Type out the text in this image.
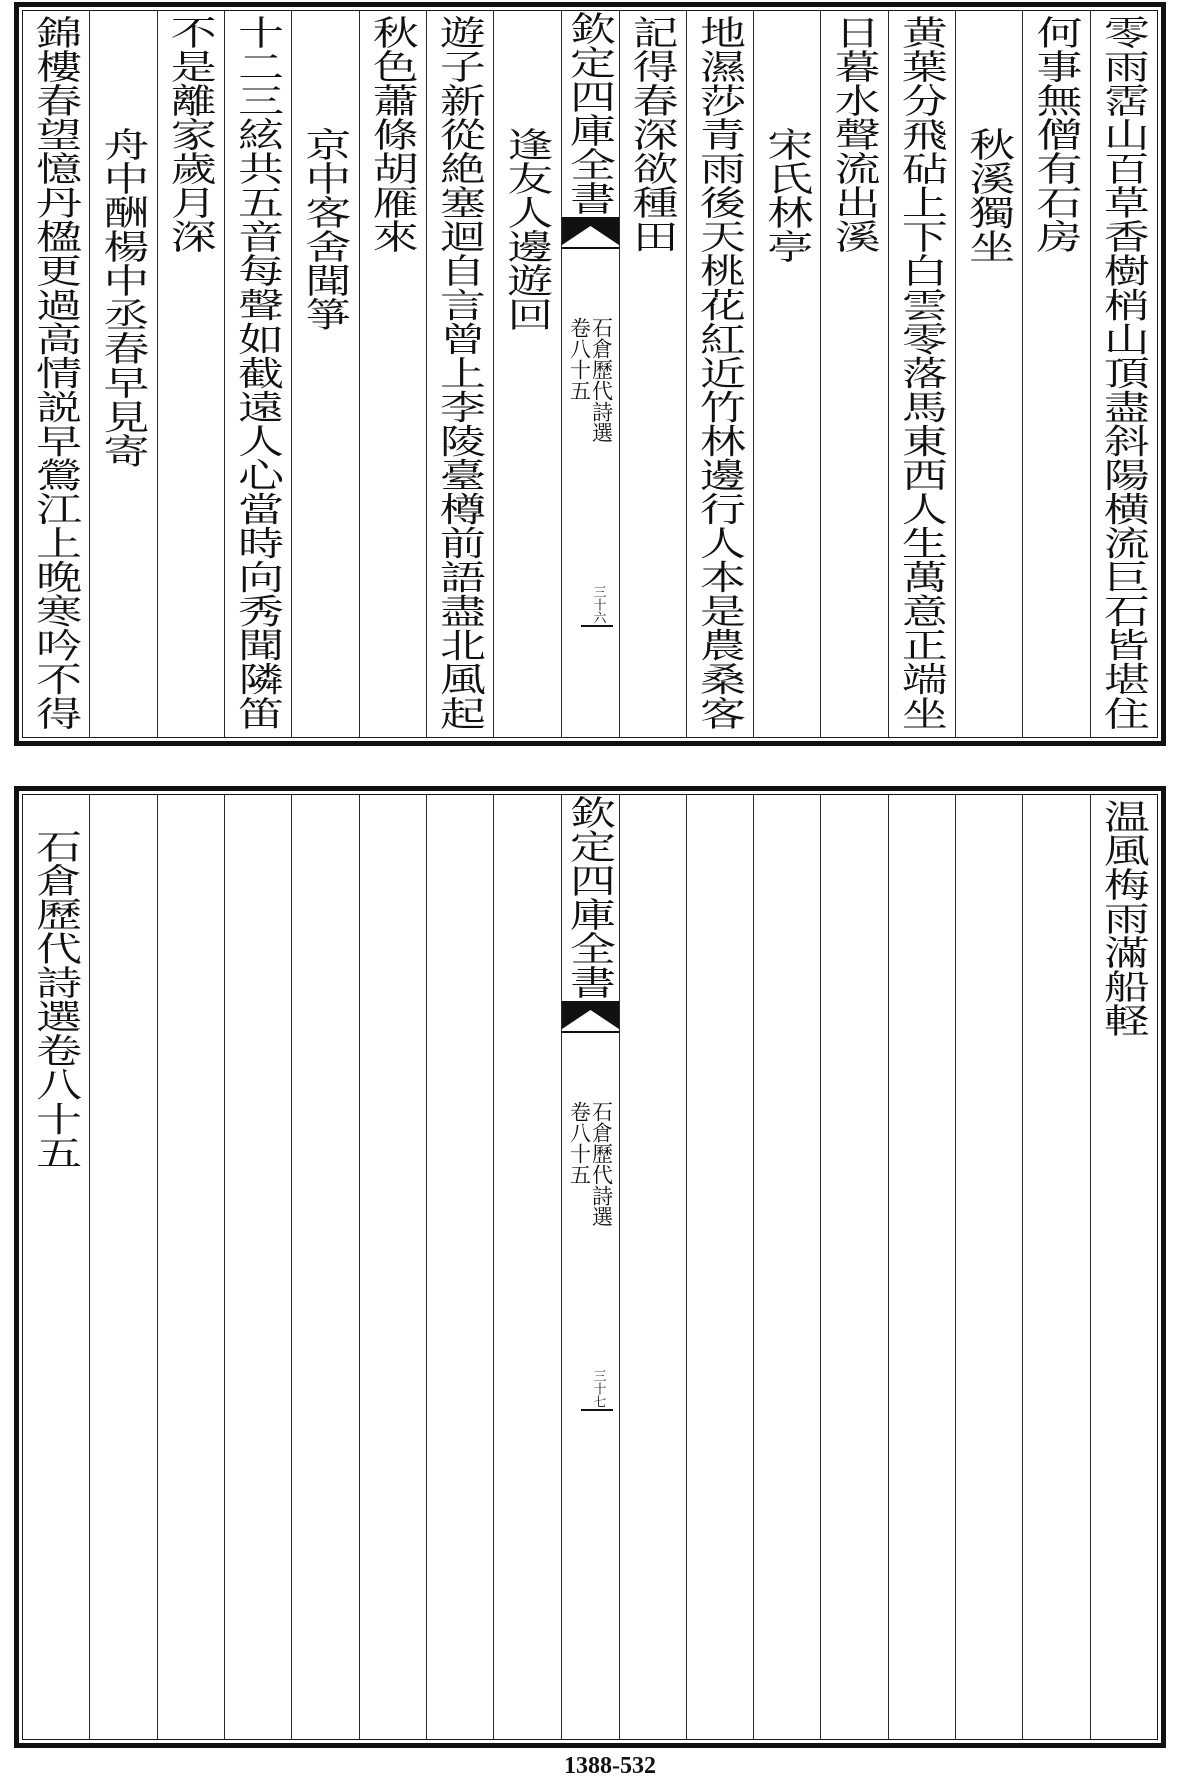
零雨霑山百草香樹梢山頂盡斜陽横流巨石皆堪住
何事無僧有石房
秋溪獨坐
黄葉分飛砧上下白雲零落馬東西人生萬意正端坐
日暮水聲流出溪
宋氏林亭
地濕莎青雨後天桃花紅近竹林邊行人本是農桑客
記得春深欲種田
欽定四庫全書
石倉歷代詩選
卷八十五
三十六
逢友人邊遊回
遊子新從絶塞迴自言曾上李陵臺樽前語盡北風起
秋色蕭條胡雁來
京中客舍聞箏
十二三絃共五音每聲如截遠人心當時向秀聞隣笛
不是離家歲月深
舟中酬楊中丞春早見寄
錦樓春望憶丹楹更過高情説早鶯江上晚寒吟不得
温風梅雨滿船軽
欽定四庫全書
石倉歷代詩選
卷八十五
三十七
石倉歷代詩選卷八十五
1388-532
